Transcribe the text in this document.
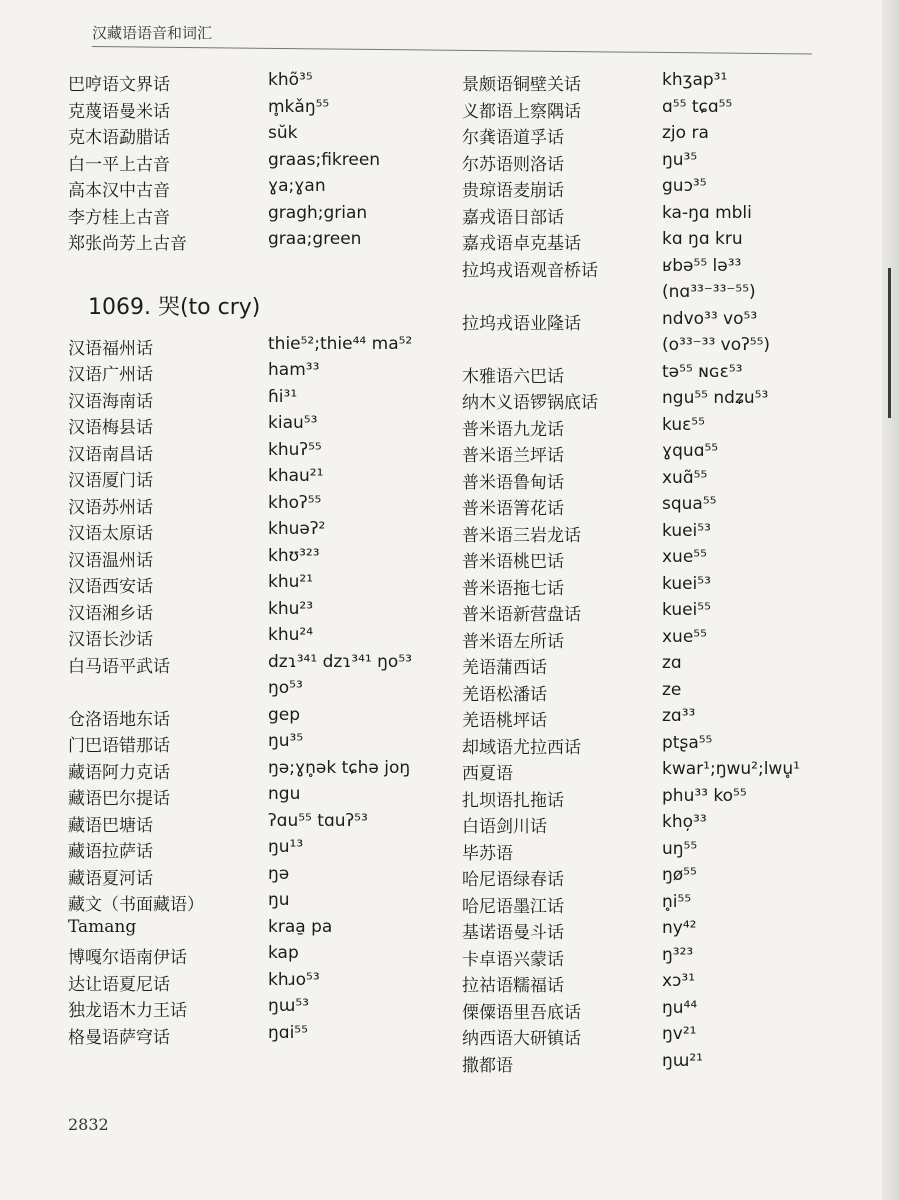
汉藏语语音和词汇
巴哼语文界话	khõ³⁵
克蔑语曼米话	m̥kǎŋ⁵⁵
克木语勐腊话	sŭk
白一平上古音	graas;fikreen
高本汉中古音	ɣa;ɣan
李方桂上古音	gragh;grian
郑张尚芳上古音	graa;green
1069. 哭(to cry)
汉语福州话	thie⁵²;thie⁴⁴ ma⁵²
汉语广州话	ham³³
汉语海南话	ɦi³¹
汉语梅县话	kiau⁵³
汉语南昌话	khuʔ⁵⁵
汉语厦门话	khau²¹
汉语苏州话	khoʔ⁵⁵
汉语太原话	khuəʔ²
汉语温州话	khʊ³²³
汉语西安话	khu²¹
汉语湘乡话	khu²³
汉语长沙话	khu²⁴
白马语平武话	dzɿ³⁴¹ dzɿ³⁴¹ ŋo⁵³
ŋo⁵³
仓洛语地东话	gep
门巴语错那话	ŋu³⁵
藏语阿力克话	ŋə;ɣn̥ək tɕhə joŋ
藏语巴尔提话	ngu
藏语巴塘话	ʔɑu⁵⁵ tɑuʔ⁵³
藏语拉萨话	ŋu¹³
藏语夏河话	ŋə
藏文（书面藏语）	ŋu
Tamang	kraa̱ pa
博嘎尔语南伊话	kap
达让语夏尼话	khɹo⁵³
独龙语木力王话	ŋɯ⁵³
格曼语萨穹话	ŋɑi⁵⁵
景颇语铜壁关话	khʒap³¹
义都语上察隅话	ɑ⁵⁵ tɕɑ⁵⁵
尔龚语道孚话	zjo ra
尔苏语则洛话	ŋu³⁵
贵琼语麦崩话	guɔ³⁵
嘉戎语日部话	ka-ŋɑ mbli
嘉戎语卓克基话	kɑ ŋɑ kru
拉坞戎语观音桥话	ʁbə⁵⁵ lə³³
(nɑ³³⁻³³⁻⁵⁵)
拉坞戎语业隆话	ndvo³³ vo⁵³
(o³³⁻³³ voʔ⁵⁵)
木雅语六巴话	tə⁵⁵ ɴɢɛ⁵³
纳木义语锣锅底话	ngu⁵⁵ ndʑu⁵³
普米语九龙话	kuɛ⁵⁵
普米语兰坪话	ɣquɑ⁵⁵
普米语鲁甸话	xuɑ̃⁵⁵
普米语箐花话	squa⁵⁵
普米语三岩龙话	kuei⁵³
普米语桃巴话	xue⁵⁵
普米语拖七话	kuei⁵³
普米语新营盘话	kuei⁵⁵
普米语左所话	xue⁵⁵
羌语蒲西话	zɑ
羌语松潘话	ze
羌语桃坪话	zɑ³³
却域语尤拉西话	ptʂa⁵⁵
西夏语	kwar¹;ŋwu²;lwu̥¹
扎坝语扎拖话	phu³³ ko⁵⁵
白语剑川话	kho̦³³
毕苏语	uŋ⁵⁵
哈尼语绿春话	ŋø⁵⁵
哈尼语墨江话	n̥i⁵⁵
基诺语曼斗话	ny⁴²
卡卓语兴蒙话	ŋ³²³
拉祜语糯福话	xɔ³¹
傈僳语里吾底话	ŋu⁴⁴
纳西语大研镇话	ŋv²¹
撒都语	ŋɯ²¹
2832
